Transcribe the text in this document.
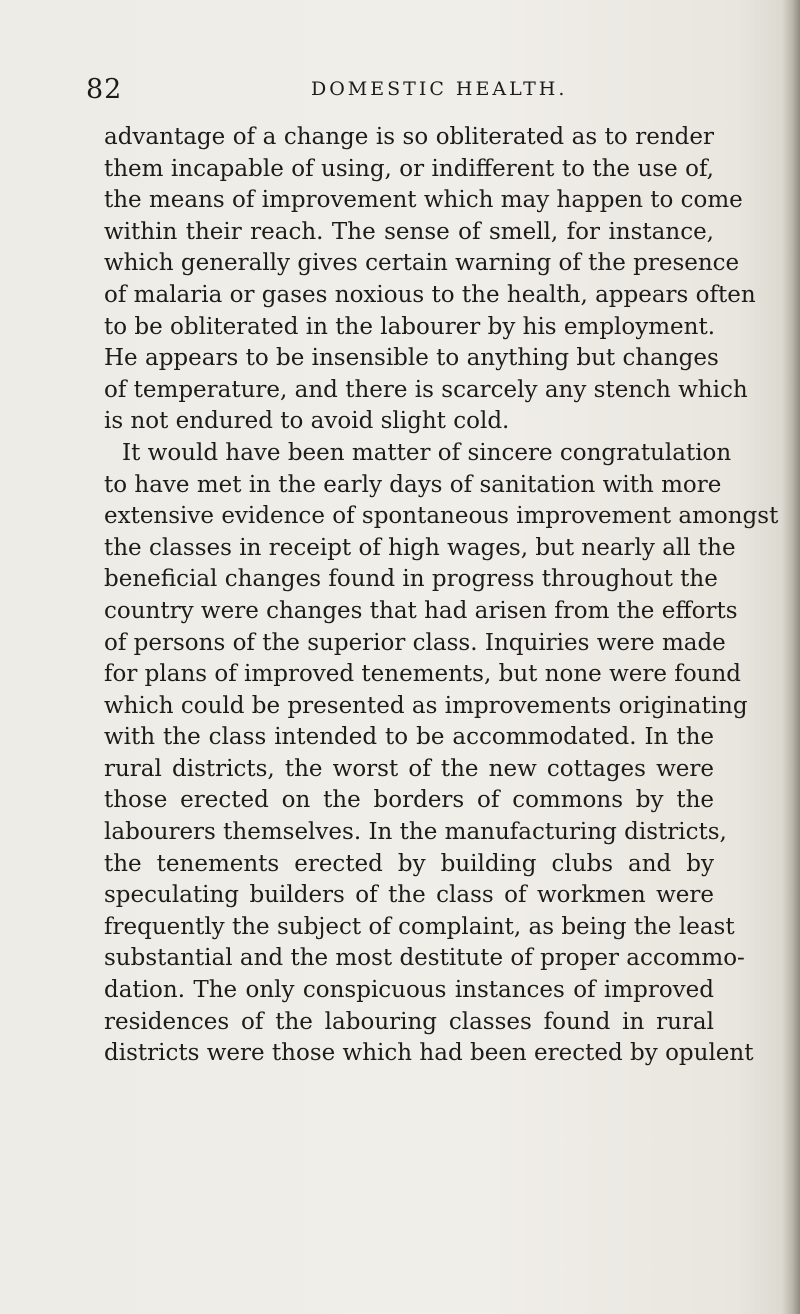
82	DOMESTIC HEALTH.
advantage of a change is so obliterated as to render
them incapable of using, or indifferent to the use of,
the means of improvement which may happen to come
within their reach. The sense of smell, for instance,
which generally gives certain warning of the presence
of malaria or gases noxious to the health, appears often
to be obliterated in the labourer by his employment.
He appears to be insensible to anything but changes
of temperature, and there is scarcely any stench which
is not endured to avoid slight cold.
It would have been matter of sincere congratulation
to have met in the early days of sanitation with more
extensive evidence of spontaneous improvement amongst
the classes in receipt of high wages, but nearly all the
beneficial changes found in progress throughout the
country were changes that had arisen from the efforts
of persons of the superior class. Inquiries were made
for plans of improved tenements, but none were found
which could be presented as improvements originating
with the class intended to be accommodated. In the
rural districts, the worst of the new cottages were
those erected on the borders of commons by the
labourers themselves. In the manufacturing districts,
the tenements erected by building clubs and by
speculating builders of the class of workmen were
frequently the subject of complaint, as being the least
substantial and the most destitute of proper accommo-
dation. The only conspicuous instances of improved
residences of the labouring classes found in rural
districts were those which had been erected by opulent
